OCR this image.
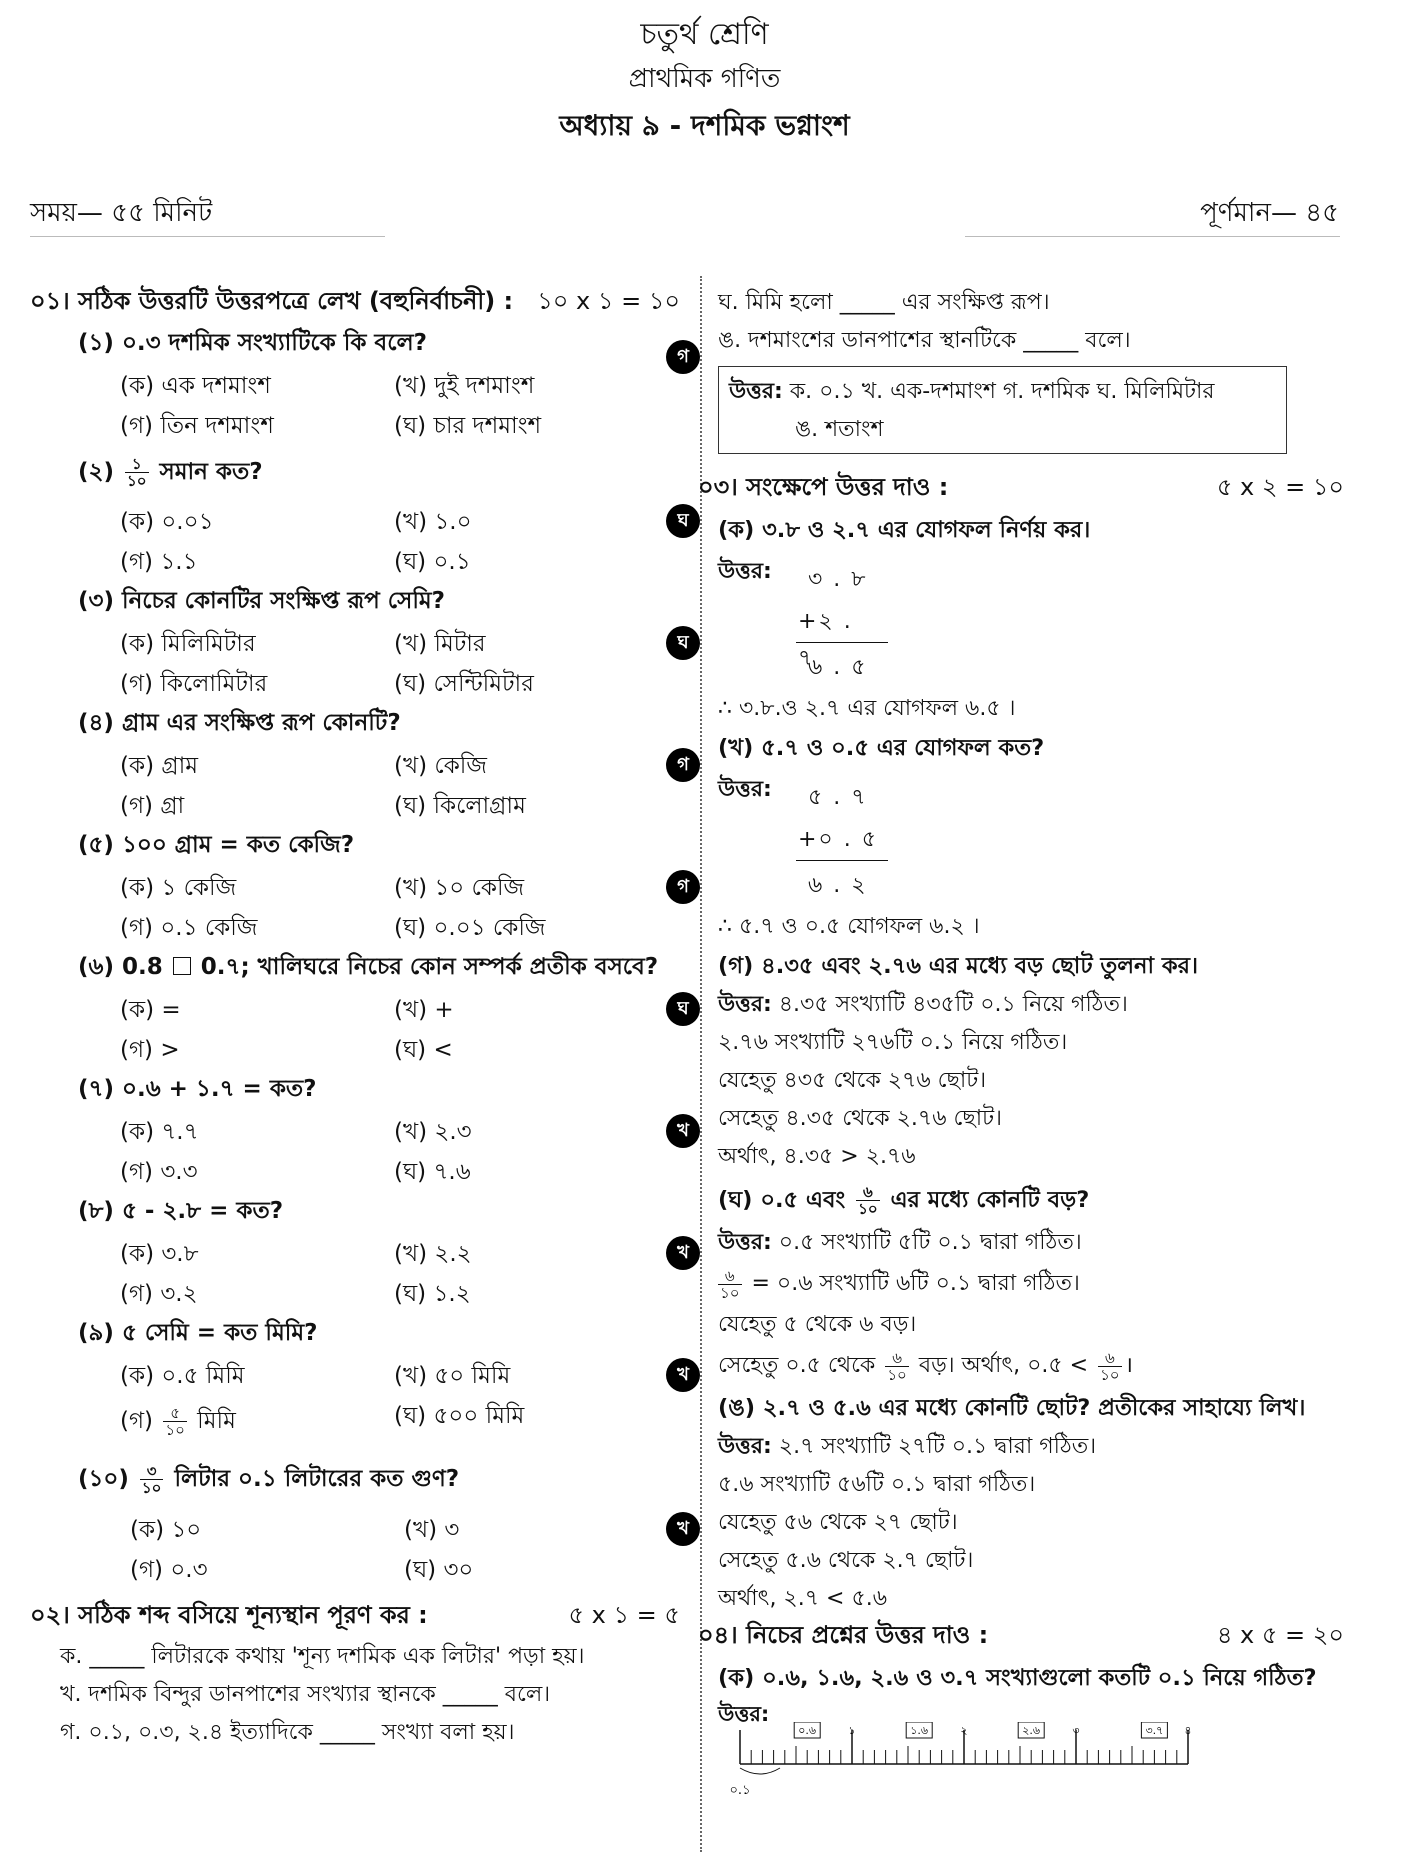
চতুর্থ শ্রেণি
প্রাথমিক গণিত
অধ্যায় ৯ - দশমিক ভগ্নাংশ
সময়— ৫৫ মিনিট	পূর্ণমান— ৪৫
০১। সঠিক উত্তরটি উত্তরপত্রে লেখ (বহুনির্বাচনী) : ১০ x ১ = ১০
(১) ০.৩ দশমিক সংখ্যাটিকে কি বলে?
(ক) এক দশমাংশ	(খ) দুই দশমাংশ
(গ) তিন দশমাংশ	(ঘ) চার দশমাংশ
গ
(২) $\frac{১}{১০}$ সমান কত?
(ক) ০.০১	(খ) ১.০
(গ) ১.১	(ঘ) ০.১
ঘ
(৩) নিচের কোনটির সংক্ষিপ্ত রূপ সেমি?
(ক) মিলিমিটার	(খ) মিটার
(গ) কিলোমিটার	(ঘ) সেন্টিমিটার
ঘ
(৪) গ্রাম এর সংক্ষিপ্ত রূপ কোনটি?
(ক) গ্রাম	(খ) কেজি
(গ) গ্রা	(ঘ) কিলোগ্রাম
গ
(৫) ১০০ গ্রাম = কত কেজি?
(ক) ১ কেজি	(খ) ১০ কেজি
(গ) ০.১ কেজি	(ঘ) ০.০১ কেজি
গ
(৬) 0.8 0.৭; খালিঘরে নিচের কোন সম্পর্ক প্রতীক বসবে?
(ক) =	(খ) +
(গ) >	(ঘ) <
ঘ
(৭) ০.৬ + ১.৭ = কত?
(ক) ৭.৭	(খ) ২.৩
(গ) ৩.৩	(ঘ) ৭.৬
খ
(৮) ৫ - ২.৮ = কত?
(ক) ৩.৮	(খ) ২.২
(গ) ৩.২	(ঘ) ১.২
খ
(৯) ৫ সেমি = কত মিমি?
(ক) ০.৫ মিমি	(খ) ৫০ মিমি
(গ) $\frac{৫}{১০}$ মিমি	(ঘ) ৫০০ মিমি
খ
(১০) $\frac{৩}{১০}$ লিটার ০.১ লিটারের কত গুণ?
(ক) ১০	(খ) ৩
(গ) ০.৩	(ঘ) ৩০
খ
০২। সঠিক শব্দ বসিয়ে শূন্যস্থান পূরণ কর :	৫ x ১ = ৫
ক. _____ লিটারকে কথায় 'শূন্য দশমিক এক লিটার' পড়া হয়।
খ. দশমিক বিন্দুর ডানপাশের সংখ্যার স্থানকে _____ বলে।
গ. ০.১, ০.৩, ২.৪ ইত্যাদিকে _____ সংখ্যা বলা হয়।
ঘ. মিমি হলো _____ এর সংক্ষিপ্ত রূপ।
ঙ. দশমাংশের ডানপাশের স্থানটিকে _____ বলে।
উত্তর: ক. ০.১ খ. এক-দশমাংশ গ. দশমিক ঘ. মিলিমিটার
ঙ. শতাংশ
০৩। সংক্ষেপে উত্তর দাও :	৫ x ২ = ১০
(ক) ৩.৮ ও ২.৭ এর যোগফল নির্ণয় কর।
উত্তর: ৩ . ৮
+২ . ৭
৬ . ৫
∴ ৩.৮.ও ২.৭ এর যোগফল ৬.৫ ।
(খ) ৫.৭ ও ০.৫ এর যোগফল কত?
উত্তর: ৫ . ৭
+০ . ৫
৬ . ২
∴ ৫.৭ ও ০.৫ যোগফল ৬.২ ।
(গ) ৪.৩৫ এবং ২.৭৬ এর মধ্যে বড় ছোট তুলনা কর।
উত্তর: ৪.৩৫ সংখ্যাটি ৪৩৫টি ০.১ নিয়ে গঠিত।
২.৭৬ সংখ্যাটি ২৭৬টি ০.১ নিয়ে গঠিত।
যেহেতু ৪৩৫ থেকে ২৭৬ ছোট।
সেহেতু ৪.৩৫ থেকে ২.৭৬ ছোট।
অর্থাৎ, ৪.৩৫ > ২.৭৬
(ঘ) ০.৫ এবং $\frac{৬}{১০}$ এর মধ্যে কোনটি বড়?
উত্তর: ০.৫ সংখ্যাটি ৫টি ০.১ দ্বারা গঠিত।
$\frac{৬}{১০}$ = ০.৬ সংখ্যাটি ৬টি ০.১ দ্বারা গঠিত।
যেহেতু ৫ থেকে ৬ বড়।
সেহেতু ০.৫ থেকে $\frac{৬}{১০}$ বড়। অর্থাৎ, ০.৫ < $\frac{৬}{১০}$ ।
(ঙ) ২.৭ ও ৫.৬ এর মধ্যে কোনটি ছোট? প্রতীকের সাহায্যে লিখ।
উত্তর: ২.৭ সংখ্যাটি ২৭টি ০.১ দ্বারা গঠিত।
৫.৬ সংখ্যাটি ৫৬টি ০.১ দ্বারা গঠিত।
যেহেতু ৫৬ থেকে ২৭ ছোট।
সেহেতু ৫.৬ থেকে ২.৭ ছোট।
অর্থাৎ, ২.৭ < ৫.৬
০৪। নিচের প্রশ্নের উত্তর দাও :	৪ x ৫ = ২০
(ক) ০.৬, ১.৬, ২.৬ ও ৩.৭ সংখ্যাগুলো কতটি ০.১ নিয়ে গঠিত?
উত্তর:
০.৬	১	১.৬	২	২.৬	৩	৩.৭ ৪
০.১
